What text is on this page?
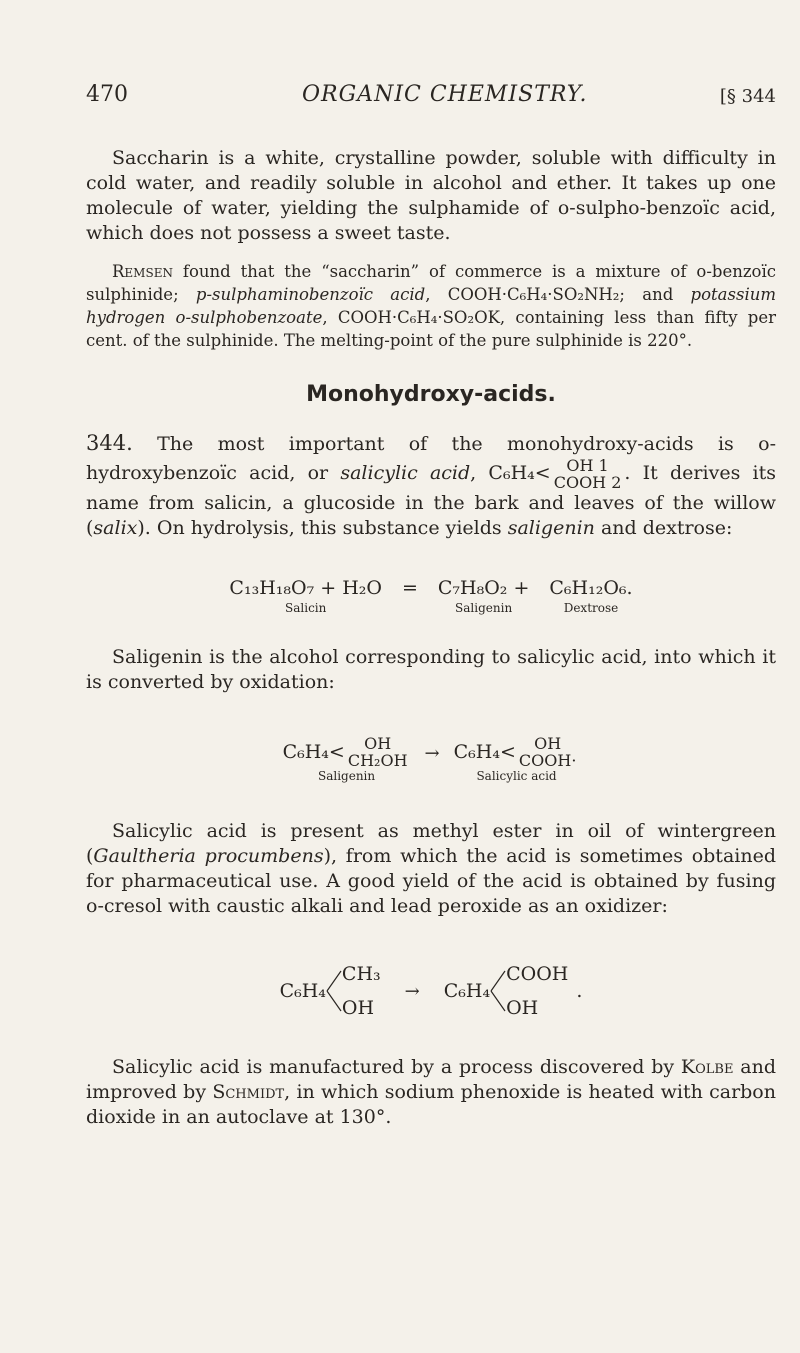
470	ORGANIC CHEMISTRY.	[§ 344

Saccharin is a white, crystalline powder, soluble with difficulty in cold water, and readily soluble in alcohol and ether. It takes up one molecule of water, yielding the sulphamide of o-sulpho-benzoïc acid, which does not possess a sweet taste.

Remsen found that the “saccharin” of commerce is a mixture of o-benzoïc sulphinide; p-sulphaminobenzoïc acid, COOH·C₆H₄·SO₂NH₂; and potassium hydrogen o-sulphobenzoate, COOH·C₆H₄·SO₂OK, containing less than fifty per cent. of the sulphinide. The melting-point of the pure sulphinide is 220°.

Monohydroxy-acids.

344. The most important of the monohydroxy-acids is o-hydroxybenzoïc acid, or salicylic acid, C₆H₄< OH 1
COOH 2 . It derives its name from salicin, a glucoside in the bark and leaves of the willow (salix). On hydrolysis, this substance yields saligenin and dextrose:

C₁₃H₁₈O₇ + H₂O
Salicin
= C₇H₈O₂ +
Saligenin
C₆H₁₂O₆.
Dextrose

Saligenin is the alcohol corresponding to salicylic acid, into which it is converted by oxidation:

C₆H₄<	OH
CH₂OH
Saligenin
→ C₆H₄<	OH
COOH·
Salicylic acid

Salicylic acid is present as methyl ester in oil of wintergreen (Gaultheria procumbens), from which the acid is sometimes obtained for pharmaceutical use. A good yield of the acid is obtained by fusing o-cresol with caustic alkali and lead peroxide as an oxidizer:

C₆H₄
CH₃
OH
→ C₆H₄
COOH
OH
.

Salicylic acid is manufactured by a process discovered by Kolbe and improved by Schmidt, in which sodium phenoxide is heated with carbon dioxide in an autoclave at 130°.
